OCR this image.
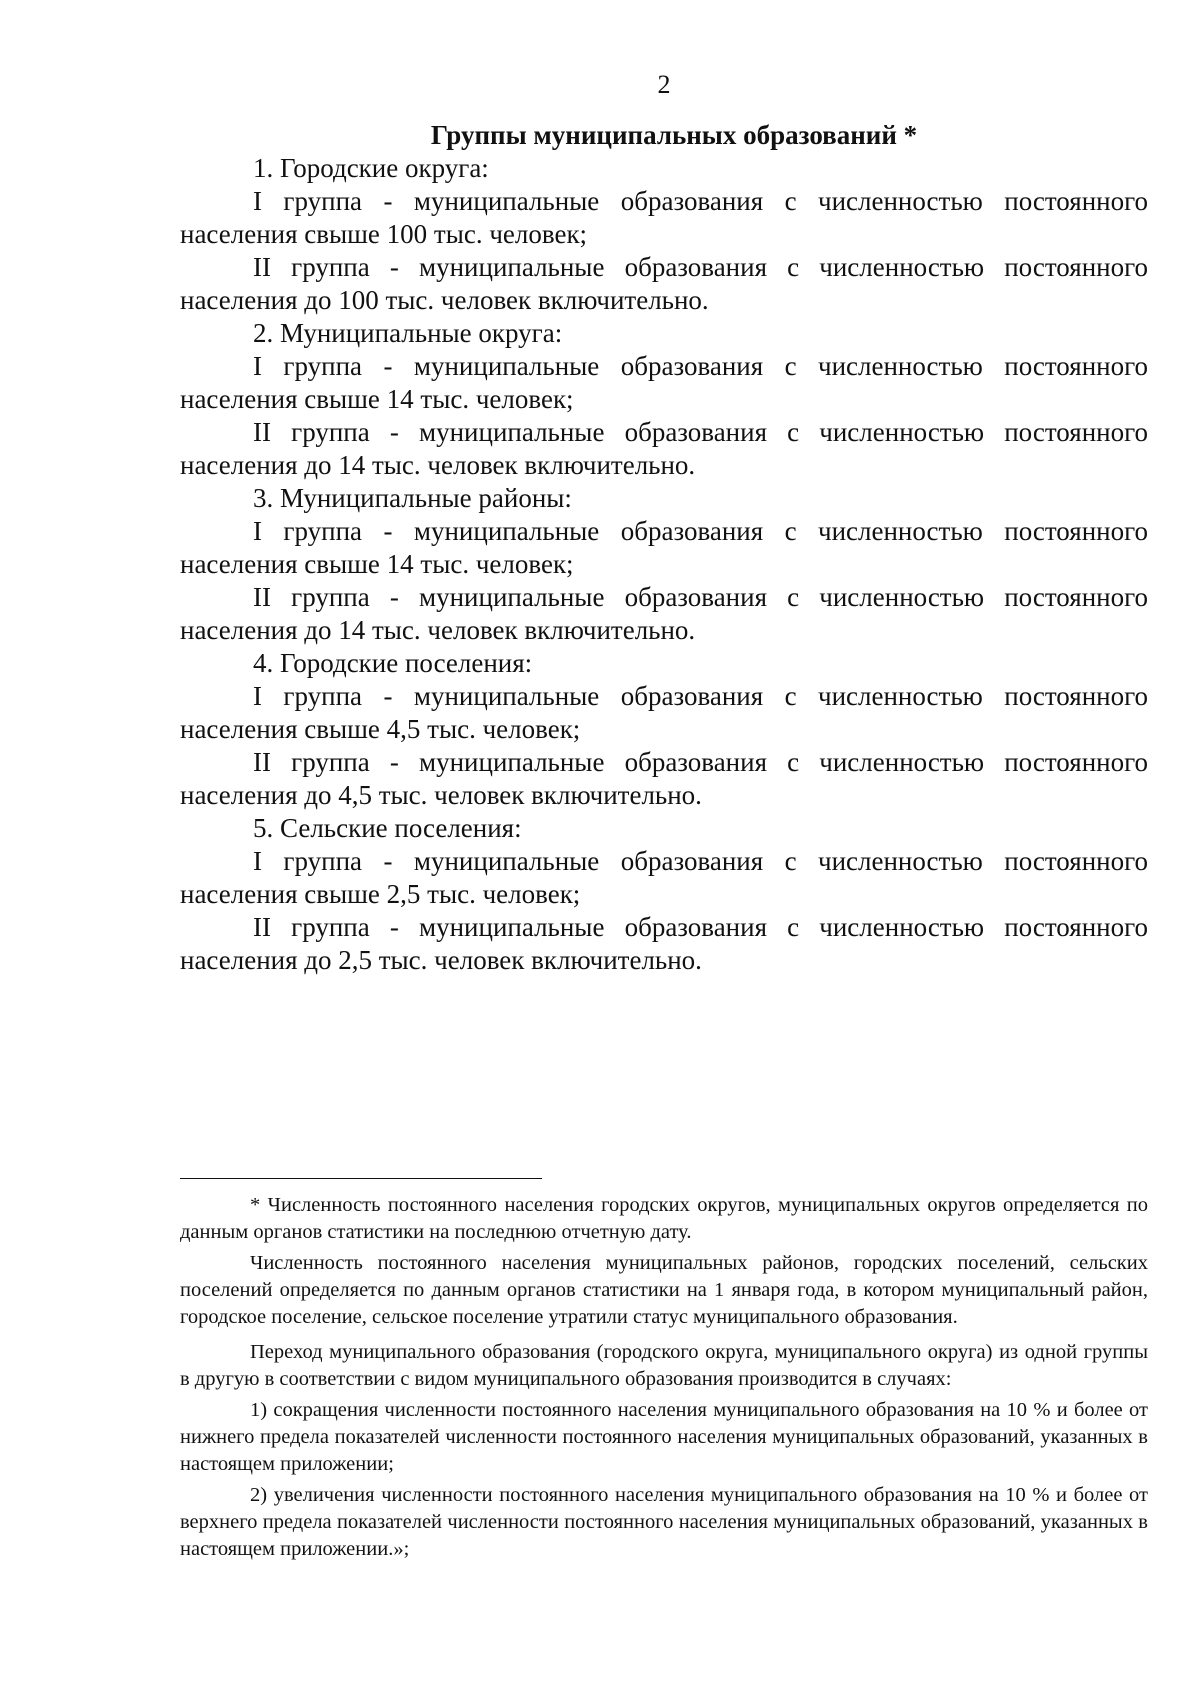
2
Группы муниципальных образований *

1. Городские округа:

I группа - муниципальные образования с численностью постоянного населения свыше 100 тыс. человек;

II группа - муниципальные образования с численностью постоянного населения до 100 тыс. человек включительно.

2. Муниципальные округа:

I группа - муниципальные образования с численностью постоянного населения свыше 14 тыс. человек;

II группа - муниципальные образования с численностью постоянного населения до 14 тыс. человек включительно.

3. Муниципальные районы:

I группа - муниципальные образования с численностью постоянного населения свыше 14 тыс. человек;

II группа - муниципальные образования с численностью постоянного населения до 14 тыс. человек включительно.

4. Городские поселения:

I группа - муниципальные образования с численностью постоянного населения свыше 4,5 тыс. человек;

II группа - муниципальные образования с численностью постоянного населения до 4,5 тыс. человек включительно.

5. Сельские поселения:

I группа - муниципальные образования с численностью постоянного населения свыше 2,5 тыс. человек;

II группа - муниципальные образования с численностью постоянного населения до 2,5 тыс. человек включительно.

* Численность постоянного населения городских округов, муниципальных округов определяется по данным органов статистики на последнюю отчетную дату.

Численность постоянного населения муниципальных районов, городских поселений, сельских поселений определяется по данным органов статистики на 1 января года, в котором муниципальный район, городское поселение, сельское поселение утратили статус муниципального образования.

Переход муниципального образования (городского округа, муниципального округа) из одной группы в другую в соответствии с видом муниципального образования производится в случаях:

1) сокращения численности постоянного населения муниципального образования на 10 % и более от нижнего предела показателей численности постоянного населения муниципальных образований, указанных в настоящем приложении;

2) увеличения численности постоянного населения муниципального образования на 10 % и более от верхнего предела показателей численности постоянного населения муниципальных образований, указанных в настоящем приложении.»;
